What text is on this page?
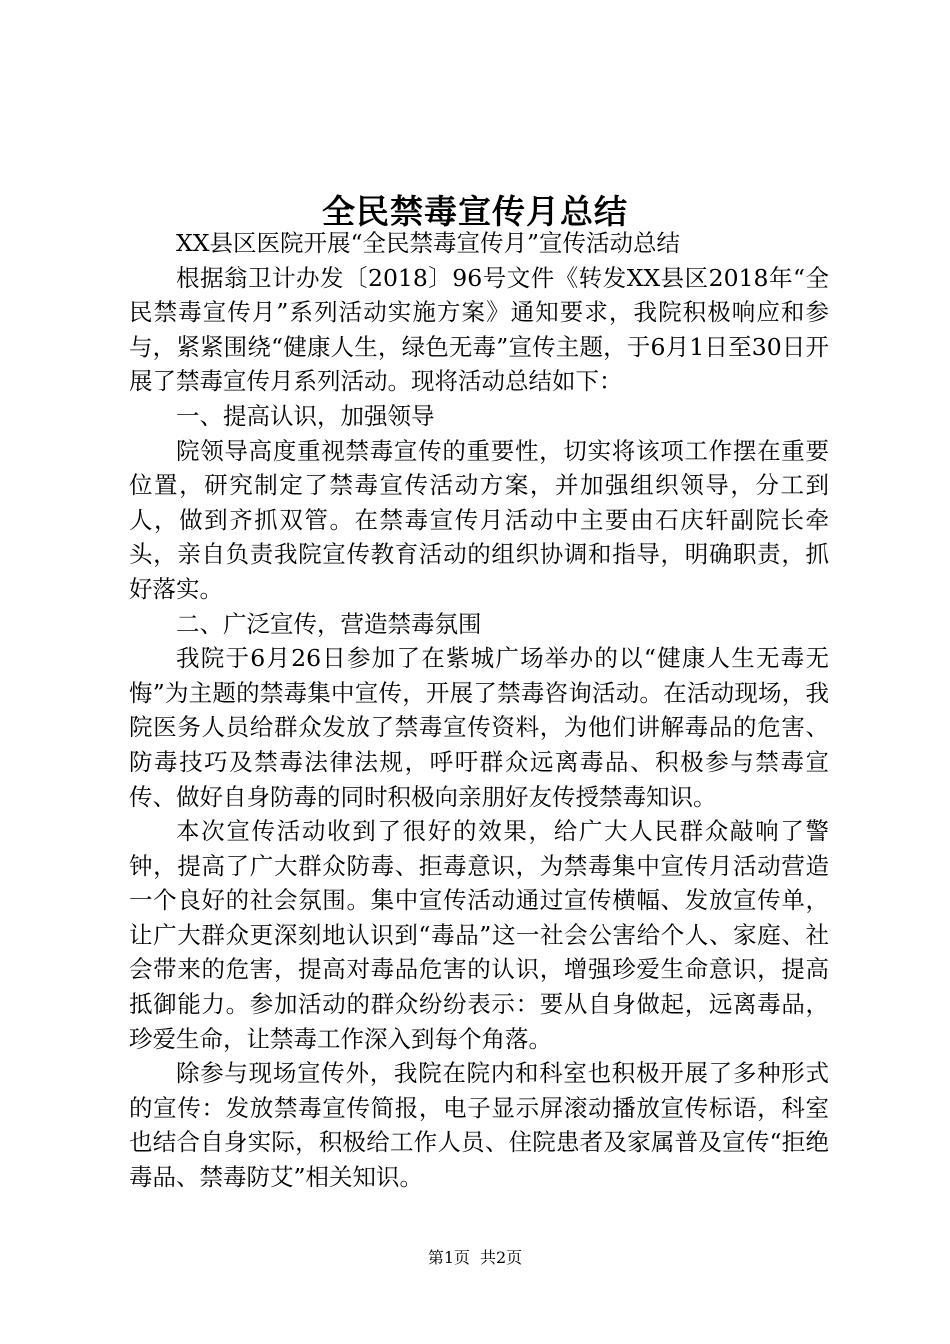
全民禁毒宣传月总结

XX县区医院开展“全民禁毒宣传月”宣传活动总结

根据翁卫计办发〔2018〕96号文件《转发XX县区2018年“全民禁毒宣传月”系列活动实施方案》通知要求，我院积极响应和参与，紧紧围绕“健康人生，绿色无毒”宣传主题，于6月1日至30日开展了禁毒宣传月系列活动。现将活动总结如下：

一、提高认识，加强领导

院领导高度重视禁毒宣传的重要性，切实将该项工作摆在重要位置，研究制定了禁毒宣传活动方案，并加强组织领导，分工到人，做到齐抓双管。在禁毒宣传月活动中主要由石庆轩副院长牵头，亲自负责我院宣传教育活动的组织协调和指导，明确职责，抓好落实。

二、广泛宣传，营造禁毒氛围

我院于6月26日参加了在紫城广场举办的以“健康人生无毒无悔”为主题的禁毒集中宣传，开展了禁毒咨询活动。在活动现场，我院医务人员给群众发放了禁毒宣传资料，为他们讲解毒品的危害、防毒技巧及禁毒法律法规，呼吁群众远离毒品、积极参与禁毒宣传、做好自身防毒的同时积极向亲朋好友传授禁毒知识。

本次宣传活动收到了很好的效果，给广大人民群众敲响了警钟，提高了广大群众防毒、拒毒意识，为禁毒集中宣传月活动营造一个良好的社会氛围。集中宣传活动通过宣传横幅、发放宣传单，让广大群众更深刻地认识到“毒品”这一社会公害给个人、家庭、社会带来的危害，提高对毒品危害的认识，增强珍爱生命意识，提高抵御能力。参加活动的群众纷纷表示：要从自身做起，远离毒品，珍爱生命，让禁毒工作深入到每个角落。

除参与现场宣传外，我院在院内和科室也积极开展了多种形式的宣传：发放禁毒宣传简报，电子显示屏滚动播放宣传标语，科室也结合自身实际，积极给工作人员、住院患者及家属普及宣传“拒绝毒品、禁毒防艾”相关知识。

第1页 共2页
